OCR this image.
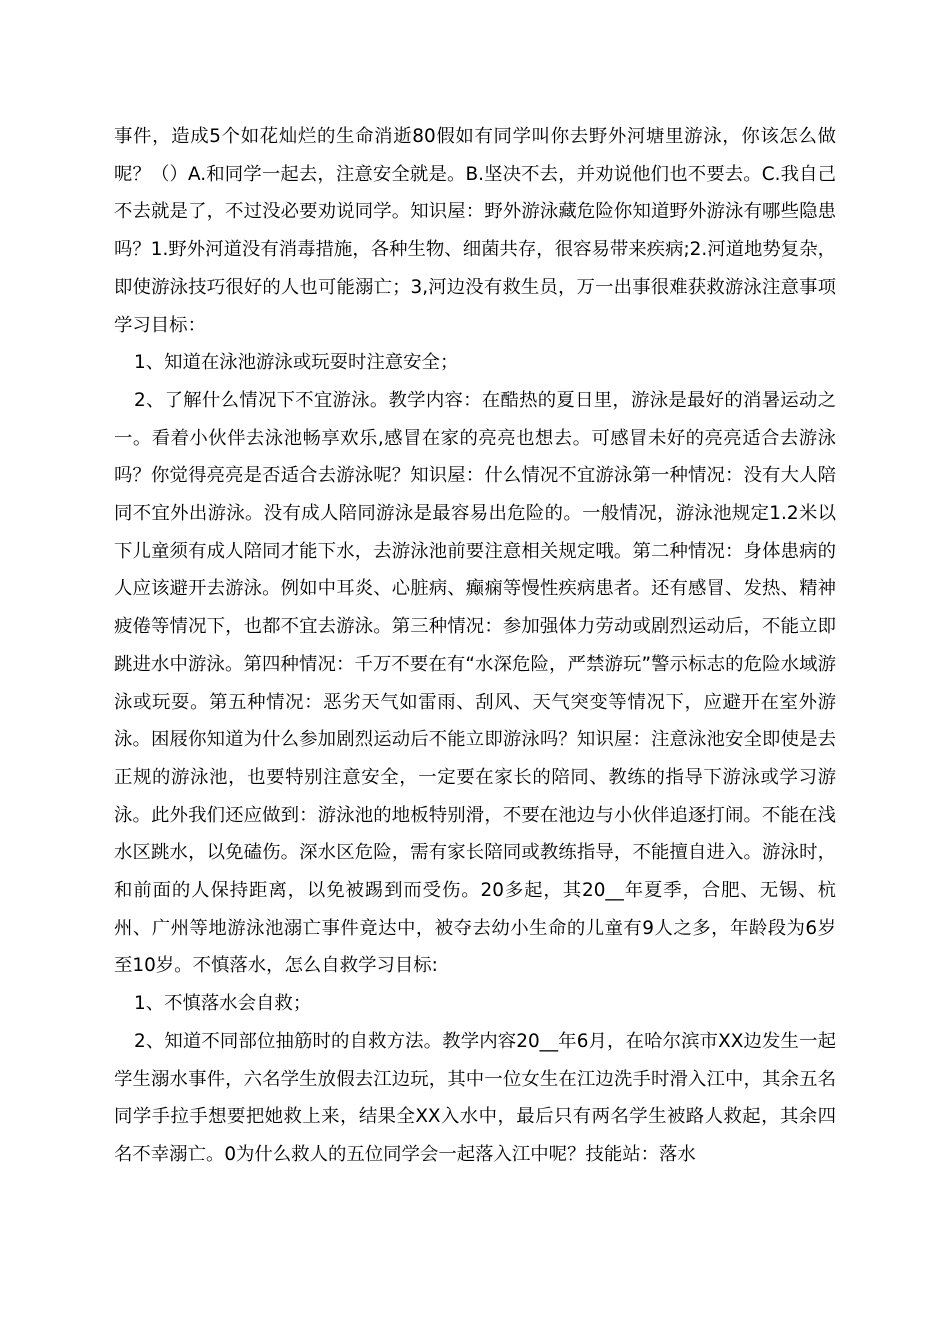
事件，造成5个如花灿烂的生命消逝80假如有同学叫你去野外河塘里游泳，你该怎么做呢？（）A.和同学一起去，注意安全就是。B.坚决不去，并劝说他们也不要去。C.我自己不去就是了，不过没必要劝说同学。知识屋：野外游泳藏危险你知道野外游泳有哪些隐患吗？1.野外河道没有消毒措施，各种生物、细菌共存，很容易带来疾病;2.河道地势复杂，即使游泳技巧很好的人也可能溺亡；3,河边没有救生员，万一出事很难获救游泳注意事项学习目标：

1、知道在泳池游泳或玩耍时注意安全；

2、了解什么情况下不宜游泳。教学内容：在酷热的夏日里，游泳是最好的消暑运动之一。看着小伙伴去泳池畅享欢乐,感冒在家的亮亮也想去。可感冒未好的亮亮适合去游泳吗？你觉得亮亮是否适合去游泳呢？知识屋：什么情况不宜游泳第一种情况：没有大人陪同不宜外出游泳。没有成人陪同游泳是最容易出危险的。一般情况，游泳池规定1.2米以下儿童须有成人陪同才能下水，去游泳池前要注意相关规定哦。第二种情况：身体患病的人应该避开去游泳。例如中耳炎、心脏病、癫痫等慢性疾病患者。还有感冒、发热、精神疲倦等情况下，也都不宜去游泳。第三种情况：参加强体力劳动或剧烈运动后，不能立即跳进水中游泳。第四种情况：千万不要在有“水深危险，严禁游玩”警示标志的危险水域游泳或玩耍。第五种情况：恶劣天气如雷雨、刮风、天气突变等情况下，应避开在室外游泳。困屐你知道为什么参加剧烈运动后不能立即游泳吗？知识屋：注意泳池安全即使是去正规的游泳池，也要特别注意安全，一定要在家长的陪同、教练的指导下游泳或学习游泳。此外我们还应做到：游泳池的地板特别滑，不要在池边与小伙伴追逐打闹。不能在浅水区跳水，以免磕伤。深水区危险，需有家长陪同或教练指导，不能擅自进入。游泳时，和前面的人保持距离，以免被踢到而受伤。20多起，其20__年夏季，合肥、无锡、杭州、广州等地游泳池溺亡事件竟达中，被夺去幼小生命的儿童有9人之多，年龄段为6岁至10岁。不慎落水，怎么自救学习目标:

1、不慎落水会自救；

2、知道不同部位抽筋时的自救方法。教学内容20__年6月，在哈尔滨市XX边发生一起学生溺水事件，六名学生放假去江边玩，其中一位女生在江边洗手时滑入江中，其余五名同学手拉手想要把她救上来，结果全XX入水中，最后只有两名学生被路人救起，其余四名不幸溺亡。0为什么救人的五位同学会一起落入江中呢？技能站：落水
